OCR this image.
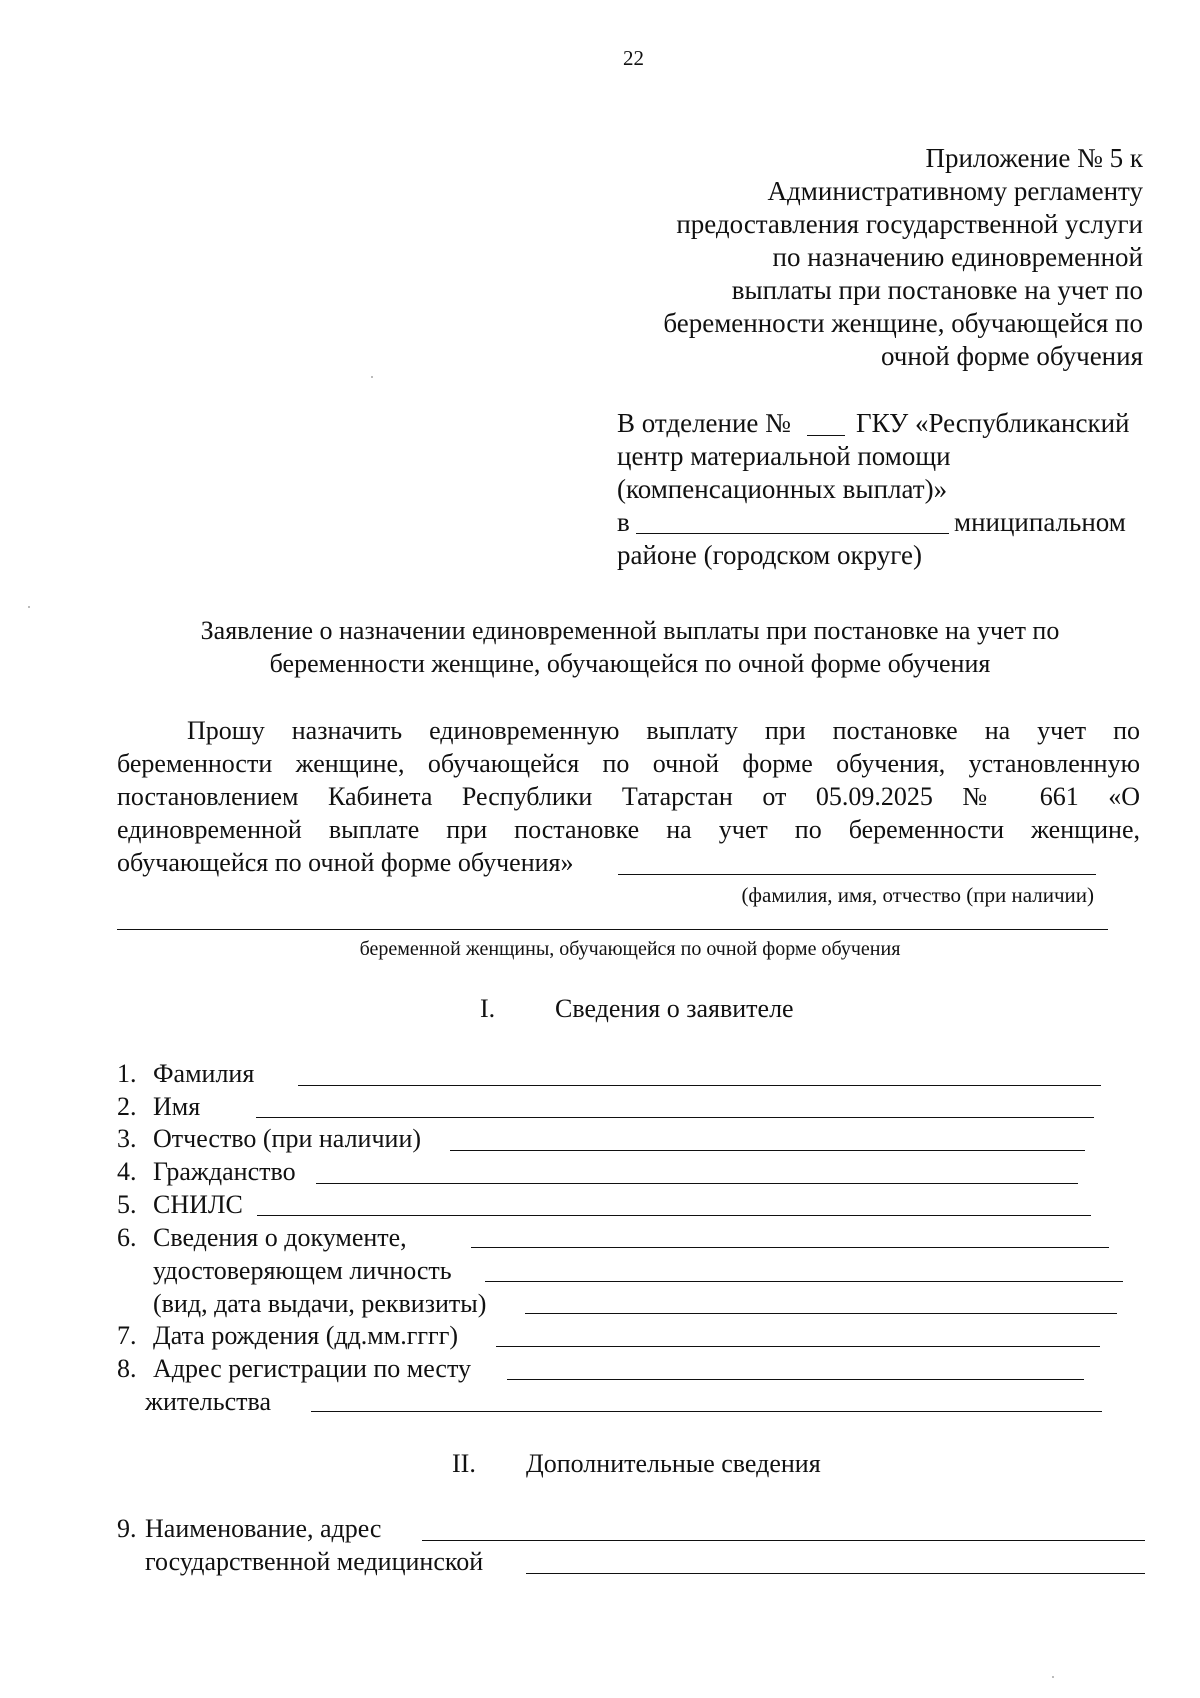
22
Приложение № 5 к
Административному регламенту
предоставления государственной услуги
по назначению единовременной
выплаты при постановке на учет по
беременности женщине, обучающейся по
очной форме обучения
В отделение № ГКУ «Республиканский
центр материальной помощи
(компенсационных выплат)»
в	мниципальном
районе (городском округе)
Заявление о назначении единовременной выплаты при постановке на учет по
беременности женщине, обучающейся по очной форме обучения
Прошу назначить единовременную выплату при постановке на учет по
беременности женщине, обучающейся по очной форме обучения, установленную
постановлением Кабинета Республики Татарстан от 05.09.2025 № 661 «О
единовременной выплате при постановке на учет по беременности женщине,
обучающейся по очной форме обучения»
(фамилия, имя, отчество (при наличии)
беременной женщины, обучающейся по очной форме обучения
I. Сведения о заявителе
1. Фамилия
2. Имя
3. Отчество (при наличии)
4. Гражданство
5. СНИЛС
6. Сведения о документе,
удостоверяющем личность
(вид, дата выдачи, реквизиты)
7. Дата рождения (дд.мм.гггг)
8. Адрес регистрации по месту
жительства
II. Дополнительные сведения
9. Наименование, адрес
государственной медицинской
